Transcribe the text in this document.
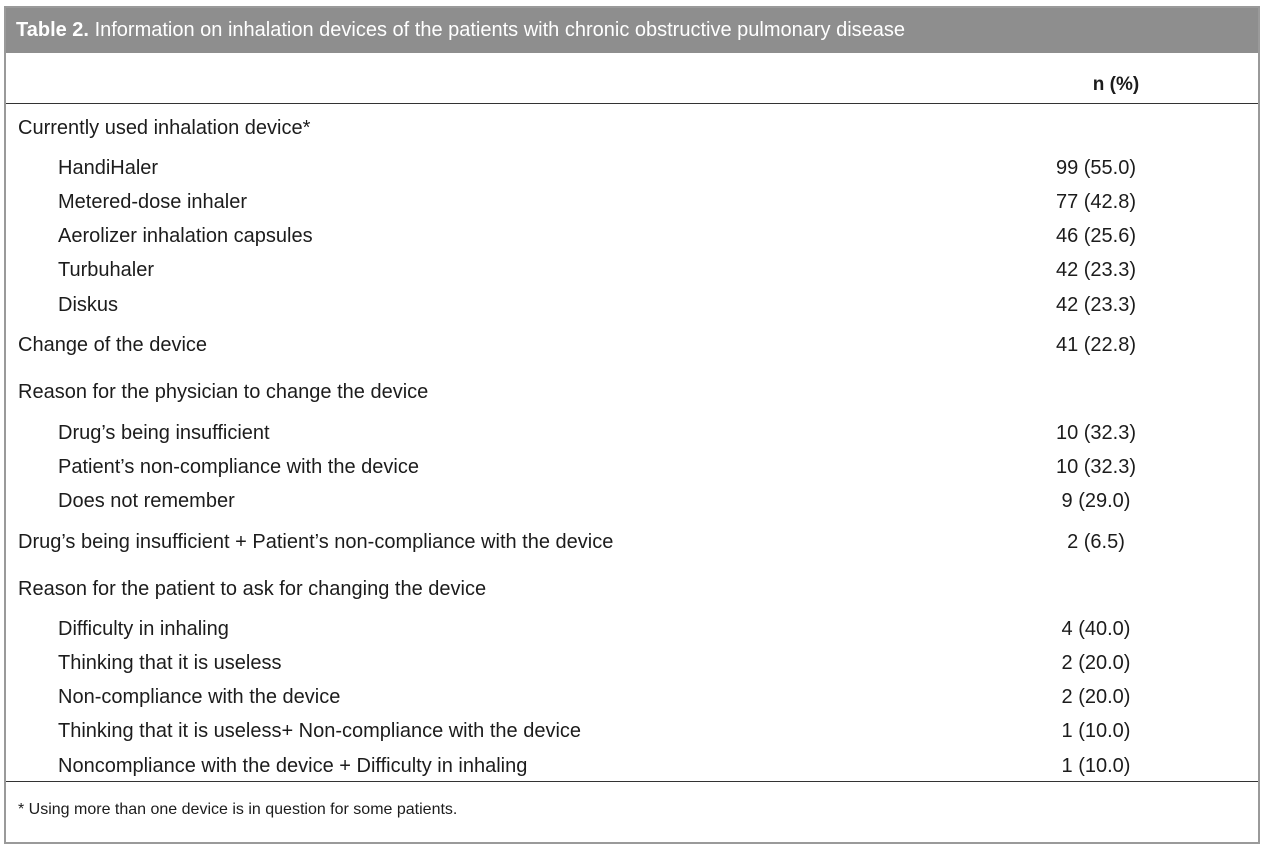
Table 2. Information on inhalation devices of the patients with chronic obstructive pulmonary disease
n (%)
Currently used inhalation device*
HandiHaler	99 (55.0)
Metered-dose inhaler	77 (42.8)
Aerolizer inhalation capsules	46 (25.6)
Turbuhaler	42 (23.3)
Diskus	42 (23.3)
Change of the device	41 (22.8)
Reason for the physician to change the device
Drug’s being insufficient	10 (32.3)
Patient’s non-compliance with the device	10 (32.3)
Does not remember	9 (29.0)
Drug’s being insufficient + Patient’s non-compliance with the device	2 (6.5)
Reason for the patient to ask for changing the device
Difficulty in inhaling	4 (40.0)
Thinking that it is useless	2 (20.0)
Non-compliance with the device	2 (20.0)
Thinking that it is useless+ Non-compliance with the device	1 (10.0)
Noncompliance with the device + Difficulty in inhaling	1 (10.0)
* Using more than one device is in question for some patients.
